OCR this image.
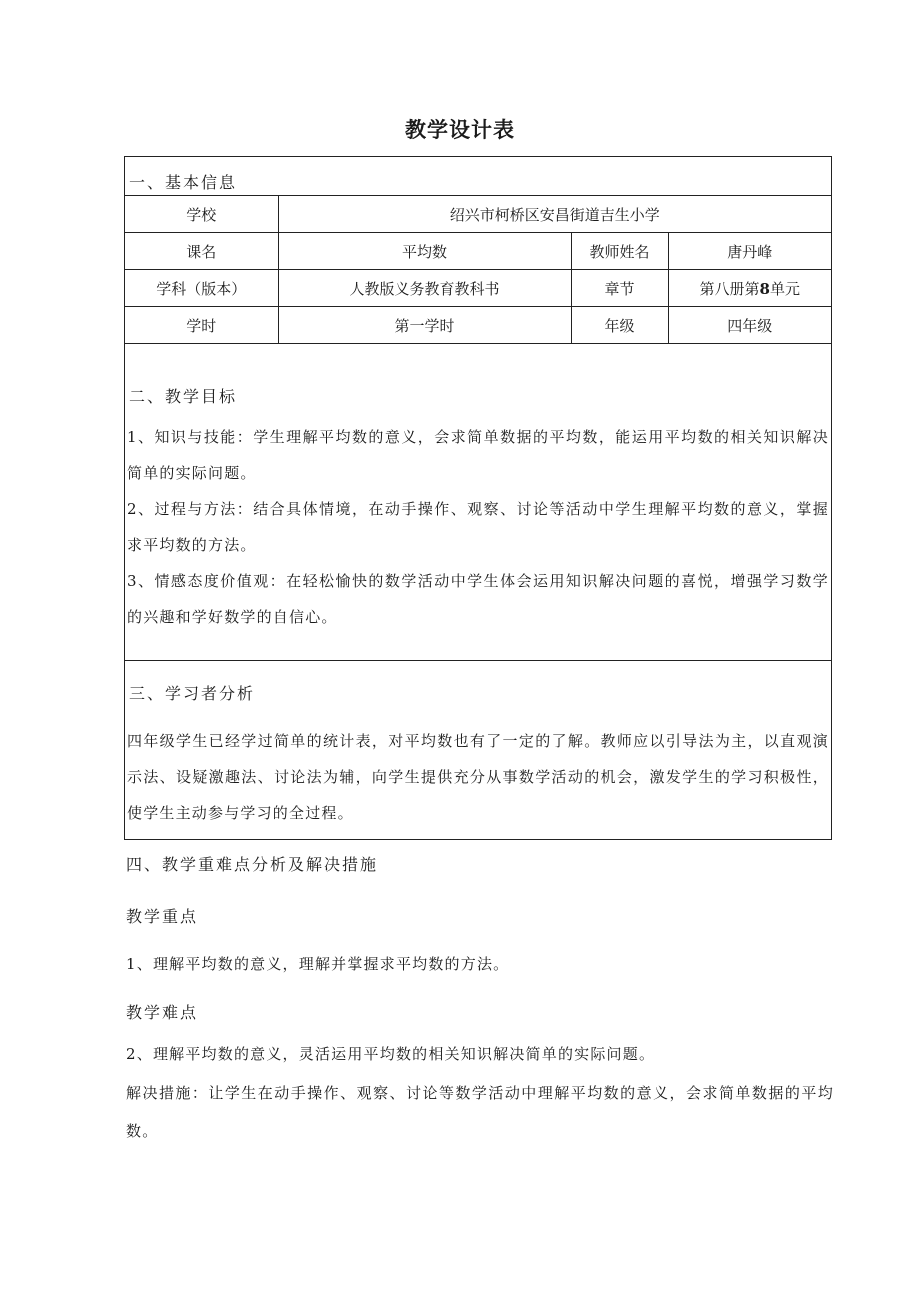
教学设计表
一、基本信息
学校	绍兴市柯桥区安昌街道吉生小学		
课名	平均数	教师姓名	唐丹峰
学科（版本）	人教版义务教育教科书	章节	第八册第8单元
学时	第一学时	年级	四年级
二、教学目标
1、知识与技能：学生理解平均数的意义，会求简单数据的平均数，能运用平均数的相关知识解决简单的实际问题。
2、过程与方法：结合具体情境，在动手操作、观察、讨论等活动中学生理解平均数的意义，掌握求平均数的方法。
3、情感态度价值观：在轻松愉快的数学活动中学生体会运用知识解决问题的喜悦，增强学习数学的兴趣和学好数学的自信心。
三、学习者分析
四年级学生已经学过简单的统计表，对平均数也有了一定的了解。教师应以引导法为主，以直观演示法、设疑激趣法、讨论法为辅，向学生提供充分从事数学活动的机会，激发学生的学习积极性，使学生主动参与学习的全过程。
四、教学重难点分析及解决措施
教学重点
1、理解平均数的意义，理解并掌握求平均数的方法。
教学难点
2、理解平均数的意义，灵活运用平均数的相关知识解决简单的实际问题。
解决措施：让学生在动手操作、观察、讨论等数学活动中理解平均数的意义，会求简单数据的平均数。
